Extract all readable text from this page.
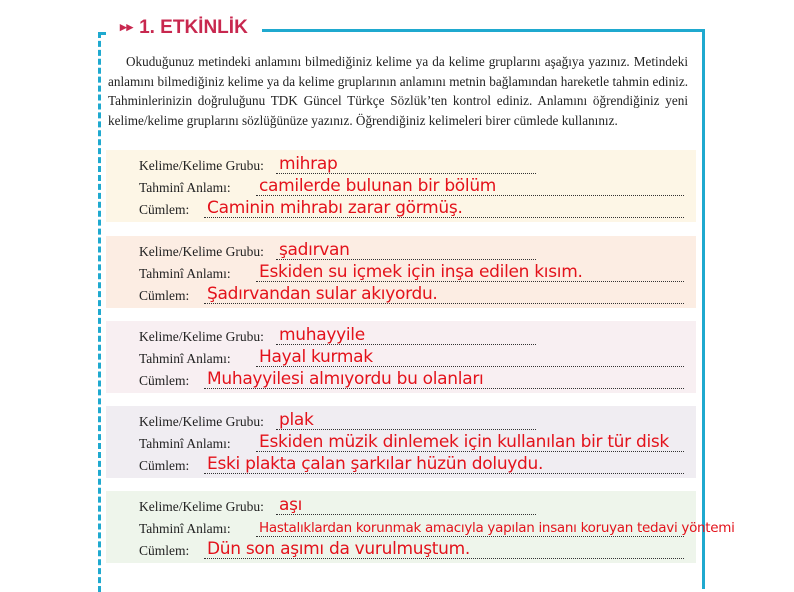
▸▸ 1. ETKİNLİK
Okuduğunuz metindeki anlamını bilmediğiniz kelime ya da kelime gruplarını aşağıya yazınız. Metindeki anlamını bilmediğiniz kelime ya da kelime gruplarının anlamını metnin bağlamından hareketle tahmin ediniz. Tahminlerinizin doğruluğunu TDK Güncel Türkçe Sözlük’ten kontrol ediniz. Anlamını öğrendiğiniz yeni kelime/kelime gruplarını sözlüğünüze yazınız. Öğrendiğiniz kelimeleri birer cümlede kullanınız.
Kelime/Kelime Grubu: mihrap
Tahminî Anlamı: camilerde bulunan bir bölüm
Cümlem: Caminin mihrabı zarar görmüş.
Kelime/Kelime Grubu: şadırvan
Tahminî Anlamı: Eskiden su içmek için inşa edilen kısım.
Cümlem: Şadırvandan sular akıyordu.
Kelime/Kelime Grubu: muhayyile
Tahminî Anlamı: Hayal kurmak
Cümlem: Muhayyilesi almıyordu bu olanları
Kelime/Kelime Grubu: plak
Tahminî Anlamı: Eskiden müzik dinlemek için kullanılan bir tür disk
Cümlem: Eski plakta çalan şarkılar hüzün doluydu.
Kelime/Kelime Grubu: aşı
Tahminî Anlamı: Hastalıklardan korunmak amacıyla yapılan insanı koruyan tedavi yöntemi
Cümlem: Dün son aşımı da vurulmuştum.
